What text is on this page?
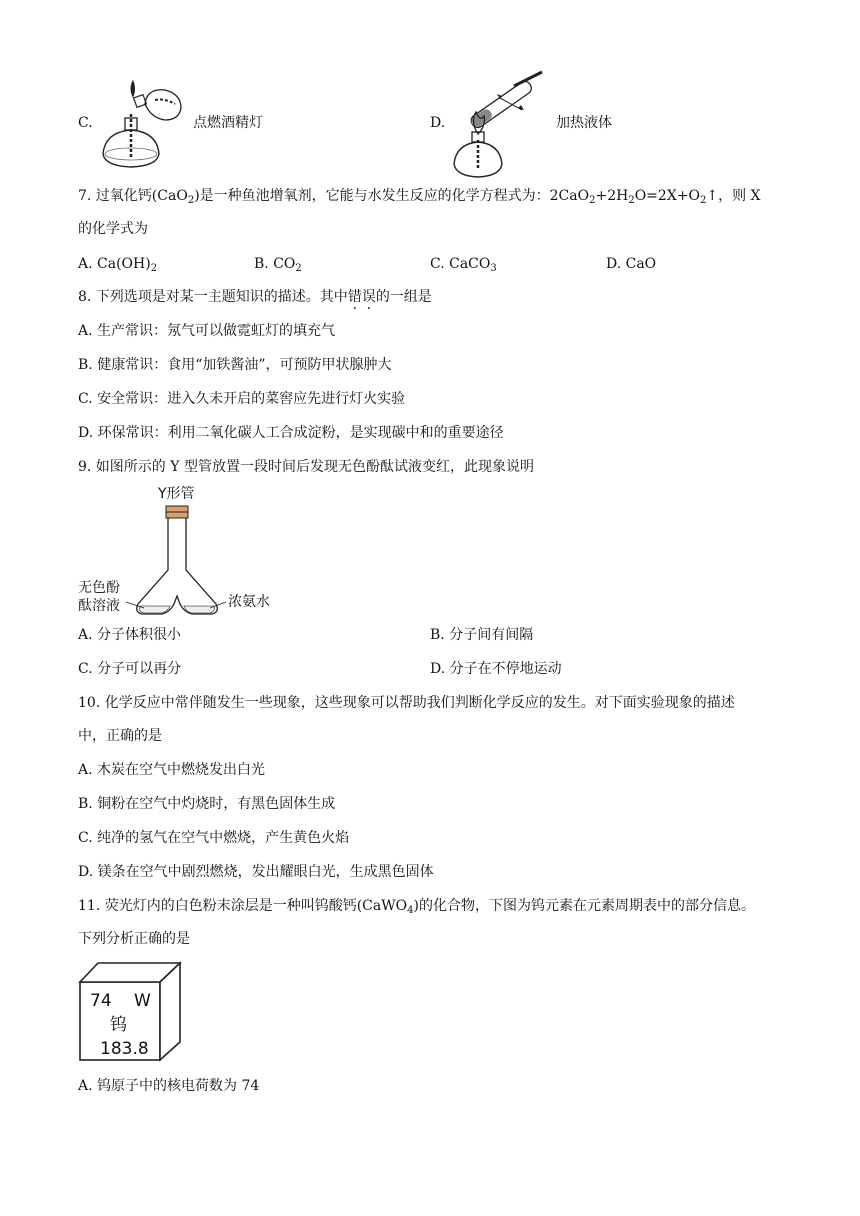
C.	点燃酒精灯	D.	加热液体
7. 过氧化钙(CaO$_2$)是一种鱼池增氧剂，它能与水发生反应的化学方程式为：$2CaO_2+2H_2O=2X+O_2↑$，则 X
的化学式为
A. $Ca(OH)_2$	B. $CO_2$	C. CaCO$_3$	D. CaO
8. 下列选项是对某一主题知识的描述。其中错误的一组是
A. 生产常识：氖气可以做霓虹灯的填充气
B. 健康常识：食用“加铁酱油”，可预防甲状腺肿大
C. 安全常识：进入久未开启的菜窖应先进行灯火实验
D. 环保常识：利用二氧化碳人工合成淀粉，是实现碳中和的重要途径
9. 如图所示的 Y 型管放置一段时间后发现无色酚酞试液变红，此现象说明
Y形管
无色酚
酞溶液	浓氨水
A. 分子体积很小	B. 分子间有间隔
C. 分子可以再分	D. 分子在不停地运动
10. 化学反应中常伴随发生一些现象，这些现象可以帮助我们判断化学反应的发生。对下面实验现象的描述
中，正确的是
A. 木炭在空气中燃烧发出白光
B. 铜粉在空气中灼烧时，有黑色固体生成
C. 纯净的氢气在空气中燃烧，产生黄色火焰
D. 镁条在空气中剧烈燃烧，发出耀眼白光，生成黑色固体
11. 荧光灯内的白色粉末涂层是一种叫钨酸钙(CaWO$_4$)的化合物，下图为钨元素在元素周期表中的部分信息。
下列分析正确的是
74 W
钨
183.8
A. 钨原子中的核电荷数为 74
